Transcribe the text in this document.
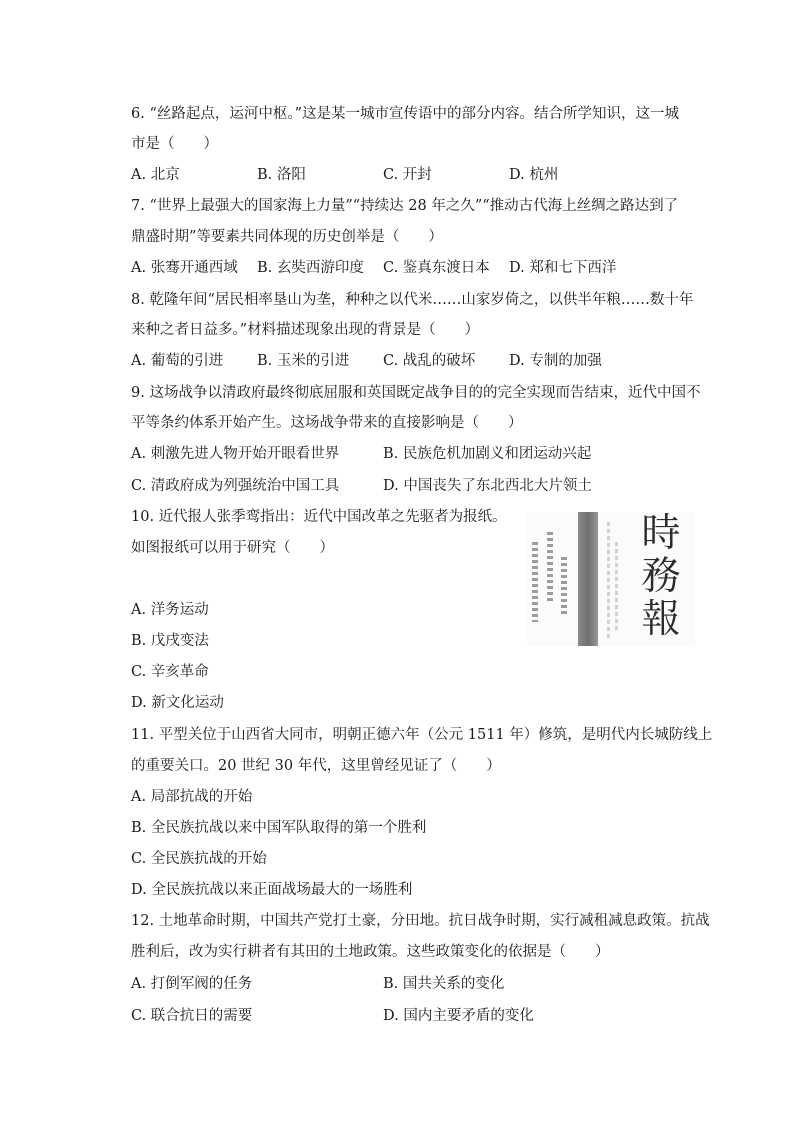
6. “丝路起点，运河中枢。”这是某一城市宣传语中的部分内容。结合所学知识，这一城
市是（　　）
A. 北京	B. 洛阳	C. 开封	D. 杭州
7. “世界上最强大的国家海上力量”“持续达 28 年之久”“推动古代海上丝绸之路达到了
鼎盛时期”等要素共同体现的历史创举是（　　）
A. 张骞开通西域 B. 玄奘西游印度 C. 鉴真东渡日本 D. 郑和七下西洋
8. 乾隆年间“居民相率垦山为垄，种种之以代米……山家岁倚之，以供半年粮……数十年
来种之者日益多。”材料描述现象出现的背景是（　　）
A. 葡萄的引进 B. 玉米的引进 C. 战乱的破坏 D. 专制的加强
9. 这场战争以清政府最终彻底屈服和英国既定战争目的的完全实现而告结束，近代中国不
平等条约体系开始产生。这场战争带来的直接影响是（　　）
A. 刺激先进人物开始开眼看世界	B. 民族危机加剧义和团运动兴起
C. 清政府成为列强统治中国工具	D. 中国丧失了东北西北大片领土
10. 近代报人张季鸾指出：近代中国改革之先驱者为报纸。
如图报纸可以用于研究（　　）
A. 洋务运动
B. 戊戌变法
C. 辛亥革命
D. 新文化运动
時
務
報
11. 平型关位于山西省大同市，明朝正德六年（公元 1511 年）修筑，是明代内长城防线上
的重要关口。20 世纪 30 年代，这里曾经见证了（　　）
A. 局部抗战的开始
B. 全民族抗战以来中国军队取得的第一个胜利
C. 全民族抗战的开始
D. 全民族抗战以来正面战场最大的一场胜利
12. 土地革命时期，中国共产党打土豪，分田地。抗日战争时期，实行减租减息政策。抗战
胜利后，改为实行耕者有其田的土地政策。这些政策变化的依据是（　　）
A. 打倒军阀的任务	B. 国共关系的变化
C. 联合抗日的需要	D. 国内主要矛盾的变化
